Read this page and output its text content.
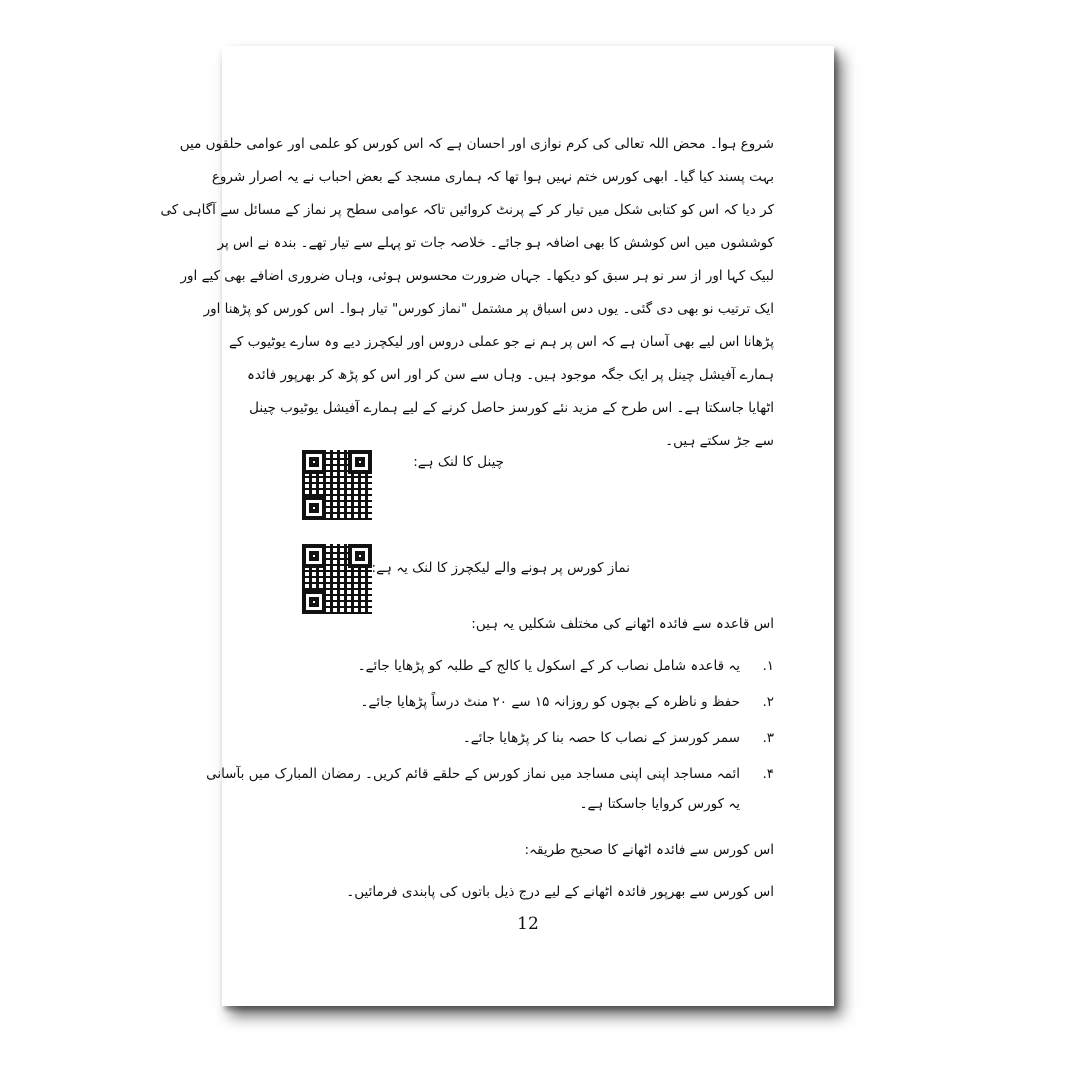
شروع ہوا۔ محض اللہ تعالی کی کرم نوازی اور احسان ہے کہ اس کورس کو علمی اور عوامی حلقوں میں
بہت پسند کیا گیا۔ ابھی کورس ختم نہیں ہوا تھا کہ ہماری مسجد کے بعض احباب نے یہ اصرار شروع
کر دیا کہ اس کو کتابی شکل میں تیار کر کے پرنٹ کروائیں تاکہ عوامی سطح پر نماز کے مسائل سے آگاہی کی
کوششوں میں اس کوشش کا بھی اضافہ ہو جائے۔ خلاصہ جات تو پہلے سے تیار تھے۔ بندہ نے اس پر
لبیک کہا اور از سر نو ہر سبق کو دیکھا۔ جہاں ضرورت محسوس ہوئی، وہاں ضروری اضافے بھی کیے اور
ایک ترتیب نو بھی دی گئی۔ یوں دس اسباق پر مشتمل "نماز کورس" تیار ہوا۔ اس کورس کو پڑھنا اور
پڑھانا اس لیے بھی آسان ہے کہ اس پر ہم نے جو عملی دروس اور لیکچرز دیے وہ سارے یوٹیوب کے
ہمارے آفیشل چینل پر ایک جگہ موجود ہیں۔ وہاں سے سن کر اور اس کو پڑھ کر بھرپور فائدہ
اٹھایا جاسکتا ہے۔ اس طرح کے مزید نئے کورسز حاصل کرنے کے لیے ہمارے آفیشل یوٹیوب چینل
سے جڑ سکتے ہیں۔
چینل کا لنک ہے:
نماز کورس پر ہونے والے لیکچرز کا لنک یہ ہے:
اس قاعدہ سے فائدہ اٹھانے کی مختلف شکلیں یہ ہیں:
۱.یہ قاعدہ شامل نصاب کر کے اسکول یا کالج کے طلبہ کو پڑھایا جائے۔
۲.حفظ و ناظرہ کے بچوں کو روزانہ ۱۵ سے ۲۰ منٹ درساً پڑھایا جائے۔
۳.سمر کورسز کے نصاب کا حصہ بنا کر پڑھایا جائے۔
۴.ائمہ مساجد اپنی اپنی مساجد میں نماز کورس کے حلقے قائم کریں۔ رمضان المبارک میں بآسانی
یہ کورس کروایا جاسکتا ہے۔
اس کورس سے فائدہ اٹھانے کا صحیح طریقہ:
اس کورس سے بھرپور فائدہ اٹھانے کے لیے درج ذیل باتوں کی پابندی فرمائیں۔
12
